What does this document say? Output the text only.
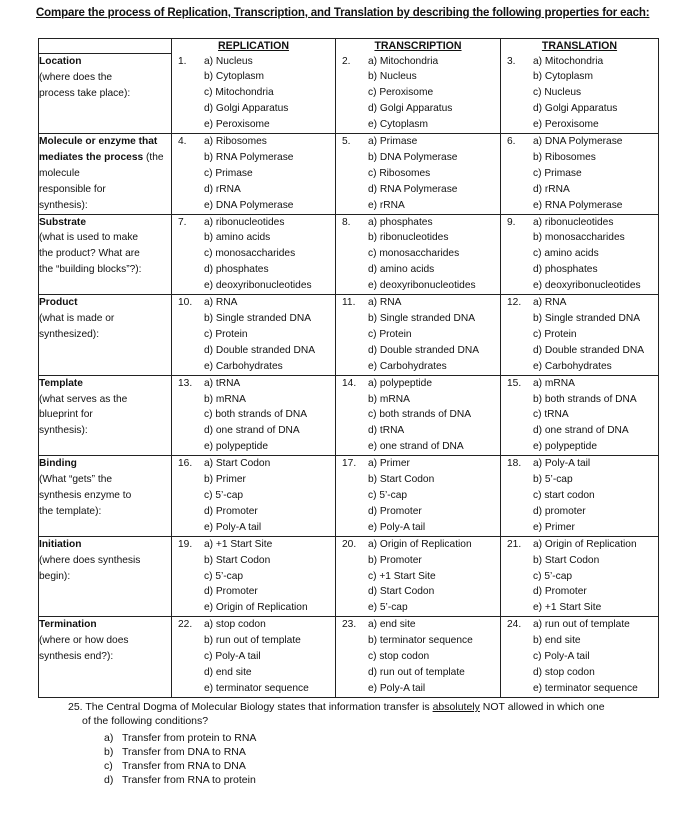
Compare the process of Replication, Transcription, and Translation by describing the following properties for each:
	REPLICATION	TRANSCRIPTION	TRANSLATION
Location
(where does the
process take place):	1. a) Nucleus
b) Cytoplasm
c) Mitochondria
d) Golgi Apparatus
e) Peroxisome	2. a) Mitochondria
b) Nucleus
c) Peroxisome
d) Golgi Apparatus
e) Cytoplasm	3. a) Mitochondria
b) Cytoplasm
c) Nucleus
d) Golgi Apparatus
e) Peroxisome

Molecule or enzyme that mediates the process (the molecule
responsible for
synthesis):	4. a) Ribosomes
b) RNA Polymerase
c) Primase
d) rRNA
e) DNA Polymerase	5. a) Primase
b) DNA Polymerase
c) Ribosomes
d) RNA Polymerase
e) rRNA	6. a) DNA Polymerase
b) Ribosomes
c) Primase
d) rRNA
e) RNA Polymerase

Substrate
(what is used to make
the product? What are
the “building blocks”?):	7. a) ribonucleotides
b) amino acids
c) monosaccharides
d) phosphates
e) deoxyribonucleotides	8. a) phosphates
b) ribonucleotides
c) monosaccharides
d) amino acids
e) deoxyribonucleotides	9. a) ribonucleotides
b) monosaccharides
c) amino acids
d) phosphates
e) deoxyribonucleotides

Product
(what is made or
synthesized):	10. a) RNA
b) Single stranded DNA
c) Protein
d) Double stranded DNA
e) Carbohydrates	11. a) RNA
b) Single stranded DNA
c) Protein
d) Double stranded DNA
e) Carbohydrates	12. a) RNA
b) Single stranded DNA
c) Protein
d) Double stranded DNA
e) Carbohydrates

Template
(what serves as the
blueprint for
synthesis):	13. a) tRNA
b) mRNA
c) both strands of DNA
d) one strand of DNA
e) polypeptide	14. a) polypeptide
b) mRNA
c) both strands of DNA
d) tRNA
e) one strand of DNA	15. a) mRNA
b) both strands of DNA
c) tRNA
d) one strand of DNA
e) polypeptide

Binding
(What “gets” the
synthesis enzyme to
the template):	16. a) Start Codon
b) Primer
c) 5’-cap
d) Promoter
e) Poly-A tail	17. a) Primer
b) Start Codon
c) 5’-cap
d) Promoter
e) Poly-A tail	18. a) Poly-A tail
b) 5’-cap
c) start codon
d) promoter
e) Primer

Initiation
(where does synthesis
begin):	19. a) +1 Start Site
b) Start Codon
c) 5’-cap
d) Promoter
e) Origin of Replication	20. a) Origin of Replication
b) Promoter
c) +1 Start Site
d) Start Codon
e) 5’-cap	21. a) Origin of Replication
b) Start Codon
c) 5’-cap
d) Promoter
e) +1 Start Site

Termination
(where or how does
synthesis end?):	22. a) stop codon
b) run out of template
c) Poly-A tail
d) end site
e) terminator sequence	23. a) end site
b) terminator sequence
c) stop codon
d) run out of template
e) Poly-A tail	24. a) run out of template
b) end site
c) Poly-A tail
d) stop codon
e) terminator sequence
25. The Central Dogma of Molecular Biology states that information transfer is absolutely NOT allowed in which one
of the following conditions?
a) Transfer from protein to RNA
b) Transfer from DNA to RNA
c) Transfer from RNA to DNA
d) Transfer from RNA to protein
